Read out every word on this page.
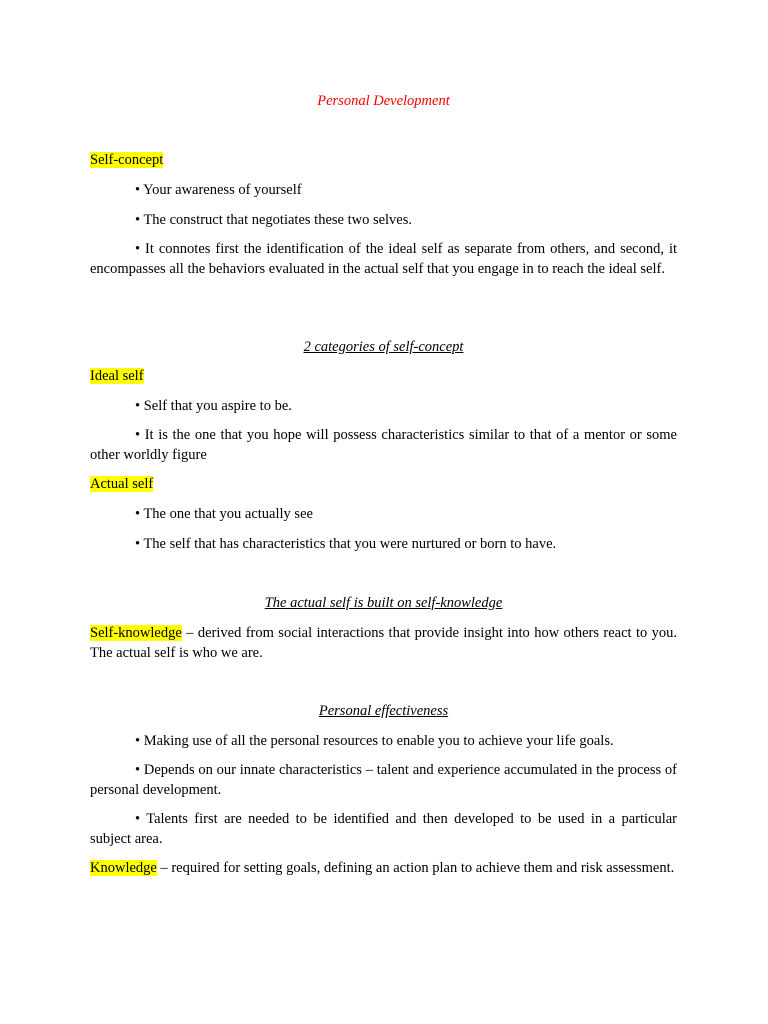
Personal Development

Self-concept

• Your awareness of yourself

• The construct that negotiates these two selves.

• It connotes first the identification of the ideal self as separate from others, and second, it encompasses all the behaviors evaluated in the actual self that you engage in to reach the ideal self.

2 categories of self-concept

Ideal self

• Self that you aspire to be.

• It is the one that you hope will possess characteristics similar to that of a mentor or some other worldly figure

Actual self

• The one that you actually see

• The self that has characteristics that you were nurtured or born to have.

The actual self is built on self-knowledge

Self-knowledge – derived from social interactions that provide insight into how others react to you. The actual self is who we are.

Personal effectiveness

• Making use of all the personal resources to enable you to achieve your life goals.

• Depends on our innate characteristics – talent and experience accumulated in the process of personal development.

• Talents first are needed to be identified and then developed to be used in a particular subject area.

Knowledge – required for setting goals, defining an action plan to achieve them and risk assessment.
